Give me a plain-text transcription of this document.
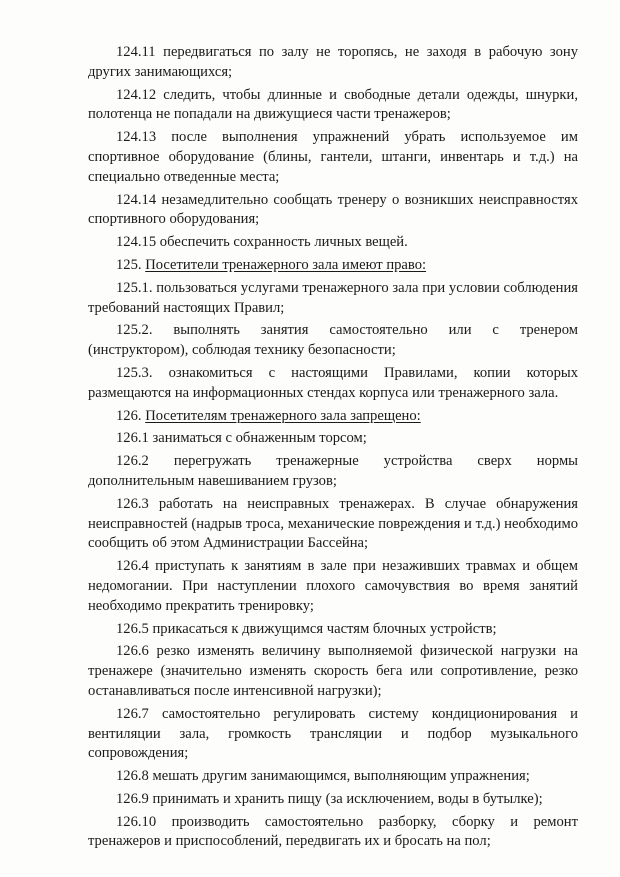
124.11 передвигаться по залу не торопясь, не заходя в рабочую зону других занимающихся;

124.12 следить, чтобы длинные и свободные детали одежды, шнурки, полотенца не попадали на движущиеся части тренажеров;

124.13 после выполнения упражнений убрать используемое им спортивное оборудование (блины, гантели, штанги, инвентарь и т.д.) на специально отведенные места;

124.14 незамедлительно сообщать тренеру о возникших неисправностях спортивного оборудования;

124.15 обеспечить сохранность личных вещей.

125. Посетители тренажерного зала имеют право:

125.1. пользоваться услугами тренажерного зала при условии соблюдения требований настоящих Правил;

125.2. выполнять занятия самостоятельно или с тренером (инструктором), соблюдая технику безопасности;

125.3. ознакомиться с настоящими Правилами, копии которых размещаются на информационных стендах корпуса или тренажерного зала.

126. Посетителям тренажерного зала запрещено:

126.1 заниматься с обнаженным торсом;

126.2 перегружать тренажерные устройства сверх нормы дополнительным навешиванием грузов;

126.3 работать на неисправных тренажерах. В случае обнаружения неисправностей (надрыв троса, механические повреждения и т.д.) необходимо сообщить об этом Администрации Бассейна;

126.4 приступать к занятиям в зале при незаживших травмах и общем недомогании. При наступлении плохого самочувствия во время занятий необходимо прекратить тренировку;

126.5 прикасаться к движущимся частям блочных устройств;

126.6 резко изменять величину выполняемой физической нагрузки на тренажере (значительно изменять скорость бега или сопротивление, резко останавливаться после интенсивной нагрузки);

126.7 самостоятельно регулировать систему кондиционирования и вентиляции зала, громкость трансляции и подбор музыкального сопровождения;

126.8 мешать другим занимающимся, выполняющим упражнения;

126.9 принимать и хранить пищу (за исключением, воды в бутылке);

126.10 производить самостоятельно разборку, сборку и ремонт тренажеров и приспособлений, передвигать их и бросать на пол;
